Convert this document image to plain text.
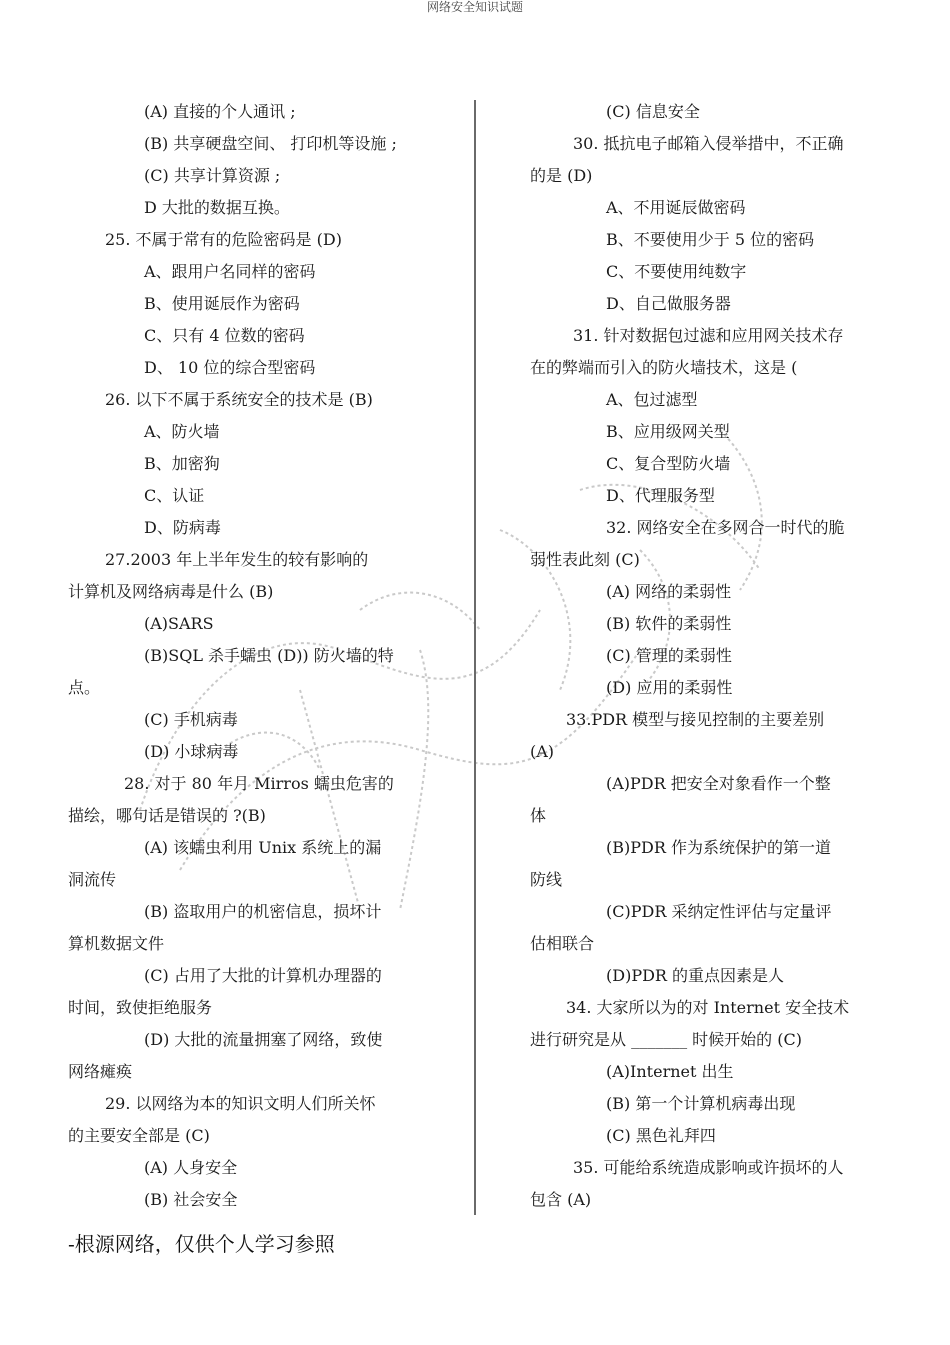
网络安全知识试题
(A) 直接的个人通讯 ;
(B) 共享硬盘空间、 打印机等设施 ;
(C) 共享计算资源 ;
D 大批的数据互换。
25. 不属于常有的危险密码是 (D)
A、跟用户名同样的密码
B、使用诞辰作为密码
C、只有 4 位数的密码
D、 10 位的综合型密码
26. 以下不属于系统安全的技术是 (B)
A、防火墙
B、加密狗
C、认证
D、防病毒
27.2003 年上半年发生的较有影响的
计算机及网络病毒是什么 (B)
(A)SARS
(B)SQL 杀手蠕虫 (D)) 防火墙的特
点。
(C) 手机病毒
(D) 小球病毒
28. 对于 80 年月 Mirros 蠕虫危害的
描绘，哪句话是错误的 ?(B)
(A) 该蠕虫利用 Unix 系统上的漏
洞流传
(B) 盗取用户的机密信息，损坏计
算机数据文件
(C) 占用了大批的计算机办理器的
时间，致使拒绝服务
(D) 大批的流量拥塞了网络，致使
网络瘫痪
29. 以网络为本的知识文明人们所关怀
的主要安全部是 (C)
(A) 人身安全
(B) 社会安全
(C) 信息安全
30. 抵抗电子邮箱入侵举措中，不正确
的是 (D)
A、不用诞辰做密码
B、不要使用少于 5 位的密码
C、不要使用纯数字
D、自己做服务器
31. 针对数据包过滤和应用网关技术存
在的弊端而引入的防火墙技术，这是 (
A、包过滤型
B、应用级网关型
C、复合型防火墙
D、代理服务型
32. 网络安全在多网合一时代的脆
弱性表此刻 (C)
(A) 网络的柔弱性
(B) 软件的柔弱性
(C) 管理的柔弱性
(D) 应用的柔弱性
33.PDR 模型与接见控制的主要差别
(A)
(A)PDR 把安全对象看作一个整
体
(B)PDR 作为系统保护的第一道
防线
(C)PDR 采纳定性评估与定量评
估相联合
(D)PDR 的重点因素是人
34. 大家所以为的对 Internet 安全技术
进行研究是从 _______ 时候开始的 (C)
(A)Internet 出生
(B) 第一个计算机病毒出现
(C) 黑色礼拜四
35. 可能给系统造成影响或许损坏的人
包含 (A)
-根源网络，仅供个人学习参照
